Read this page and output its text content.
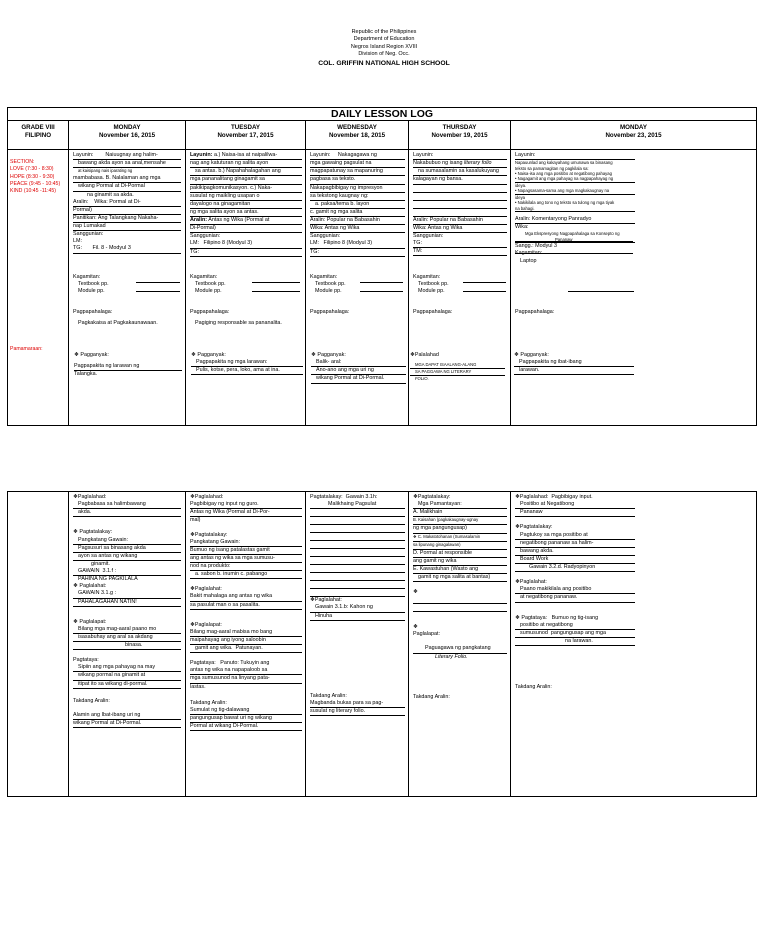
Republic of the Philippines
Department of Education
Negros Island Region XVIII
Division of Neg. Occ.
COL. GRIFFIN NATIONAL HIGH SCHOOL
DAILY LESSON LOG
GRADE VIII
FILIPINO
MONDAY
November 16, 2015
TUESDAY
November 17, 2015
WEDNESDAY
November 18, 2015
THURSDAY
November 19, 2015
MONDAY
November 23, 2015
SECTION:
LOVE (7:30 - 8:30)
HOPE (8:30 - 9:30)
PEACE (9:45 - 10:45)
KIND (10:45 -11:45)
Pamamaraan:
Layunin:        Naiuugnay ang halim-
bawang akda ayon sa anal,mensahe
at kaisipang nais iparating ng
mambabasa. B. Nalalaman ang mga
wikang Pormal at Di-Pormal
na ginamit sa akda.
Aralin:    Wika: Pormal at Di-
Pormal)
Panitikan: Ang Talangkang Nakaha-
nap Lumakad
Sanggunian:
LM:
TG:       Fil. 8 - Modyul 3
Kagamitan:
Textbook pp.
Module pp.
Pagpapahalaga:
Pagkakaisa at Pagkakaunawaan.
❖ Pagganyak:
Pagpapakita ng larawan ng
Talangka.
Layunin: a.) Naisa-isa at naipalilwa-
nag ang katuturan ng salita ayon
sa antas. b.) Napahahalagahan ang
mga pananalitang ginagamit sa
pakikipagkomunikasyon. c.) Naka-
susulat ng maikling usapan o
dayalogo na ginagamitan
ng mga salita ayon sa antas.
Aralin: Antas ng Wika (Pormal at
Di-Pormal)
Sanggunian:
LM:   Filipino 8 (Modyul 3)
TG:
Kagamitan:
Textbook pp.
Module pp.
Pagpapahalaga:
Pagiging responsable sa pananalita.
❖ Pagganyak:
Pagpapakita ng mga larawan:
Pulis, kotse, pera, loko, ama at ina.
Layunin:     Nakagagawa ng
mga gawaing pagsulat na
magpapatunay sa mapanuring
pagbasa sa teksto.
Nakapagbibigay ng impresyon
sa tekstong kaugnay ng:
a. paksa/tema b. layon
c. gamit ng mga salita
Aralin: Popular na Babasahin
Wika: Antas ng Wika
Sanggunian:
LM:   Filipino 8 (Modyul 3)
TG:
Kagamitan:
Textbook pp.
Module pp.
Pagpapahalaga:
❖ Pagganyak:
Balik- aral:
Ano-ano ang mga uri ng
wikang Pormal at Di-Pormal.
Layunin:
Nakabubuo ng isang literary folio
na sumasalamin sa kasalukuyang
kalagayan ng bansa.
Aralin: Popular na Babasahin
Wika: Antas ng Wika
Sanggunian:
TG:
TM:
Kagamitan:
Textbook pp.
Module pp.
Pagpapahalaga:
❖Palalahad
MGA DAPAT ISAALANG-ALANG
SA PAGGAWA NG LITERARY
FOLIO.
Layunin:
Napauunlad ang kakayahang umunawa sa binasang
teksto sa pamamagitan ng pagkilala sa:
• Naisa-isa ang mga positibo at negatibong pahayag
• Nagagamit ang mga pahayag na nagpapahayag ng
ideya.
• Napagsasama-sama ang mga magkakaugnay na
ideya
• Nakikilala ang tono ng teksto sa tulong ng mga tiyak
na bahagi.
Aralin: Komentaryong Panradyo
Wika:
Mga Ekspresyong Nagpapahalaga sa Konsepto ng
Pananaw
Sangg.: Modyul 3
Kagamitan:
Laptop
Pagpapahalaga:
❖ Pagganyak:
Pagpapakita ng ibat-ibang
larawan.
❖Paglalahad:
Pagbabasa sa halimbawang
akda.
❖ Pagtatalakay:
Pangkatang Gawain:
Pagsusuri sa binasang akda
ayon sa antas ng wikang
ginamit.
GAWAIN  3.1.f :
PAHINA NG PAGKILALA
❖ Paglalahat:
GAWAIN 3.1.g :
PAHALAGAHAN NATIN!
❖ Paglalapat:
Bilang mga mag-aaral paano mo
isasabuhay ang aral sa akdang
binasa.
Pagtataya:
Sipiin ang mga pahayag na may
wikang pormal na ginamit at
itipat ito sa wikang di-pormal.
Takdang Aralin:
Alamin ang Ibat-ibang uri ng
wikang Pormal at Di-Pormal.
❖Paglalahad:
Pagbibigay ng input ng guro.
Antas ng Wika (Pormal at Di-Por-
mal)
❖Pagtatalakay:
Pangkatang Gawain:
Bumuo ng isang patalastas gamit
ang antas ng wika sa mga sumusu-
nod na produkto:
a. sabon b. inumin c. pabango
❖Paglalahat:
Bakit mahalaga ang antas ng wika
sa pasulat man o sa pasalita.
❖Paglalapat:
Bilang mag-aaral mabisa mo bang
maipahayag ang iyong saloobin
gamit ang wika.  Patunayan.
Pagtataya: Panuto: Tukuyin ang
antas ng wika na napapaloob sa
mga sumusunod na linyang pata-
lastas.
Takdang Aralin:
Sumulat ng tig-dalawang
pangungusap bawat uri ng wikang
Pormal at wikang Di-Pormal.
Pagtatalakay:  Gawain 3.1h:
Malikhaing Pagsulat
❖Paglalahat:
Gawain 3.1.b: Kahon ng
Hinuha
Takdang Aralin:
Magbanda bukas para sa pag-
susulat ng literary folio.
❖Pagtatalakay:
Mga Pamantayan:
A. Malikhain
B. Kaisahan (pagkakaugnay-ugnay
ng mga pangungusap)
❖ C. Makatotohanan (Sumasalamin
sa lipunang ginagalawan)
D. Pormal at responsible
ang gamit ng wika
E. Kawastuhan (Wasto ang
gamit ng mga salita at bantas)
❖
❖
Paglalapat:
Paguagawa ng pangkatang
Literary Folio.
Takdang Aralin:
❖Paglalahad:  Pagbibigay input.
Positibo at Negatibong
Pananaw
❖Pagtatalakay:
Pagtukoy sa mga positibo at
negatibong pananaw sa halim-
bawang akda.
Board Work
Gawain 3.2.d. Radyopinyon
❖Paglalahat:
Paano makikilala ang positibo
at negatibong pananaw.
❖ Pagtataya: Bumuo ng tig-isang
positibo at negatibong
sumusunod  pangungusap ang mga
na larawan.
Takdang Aralin:
